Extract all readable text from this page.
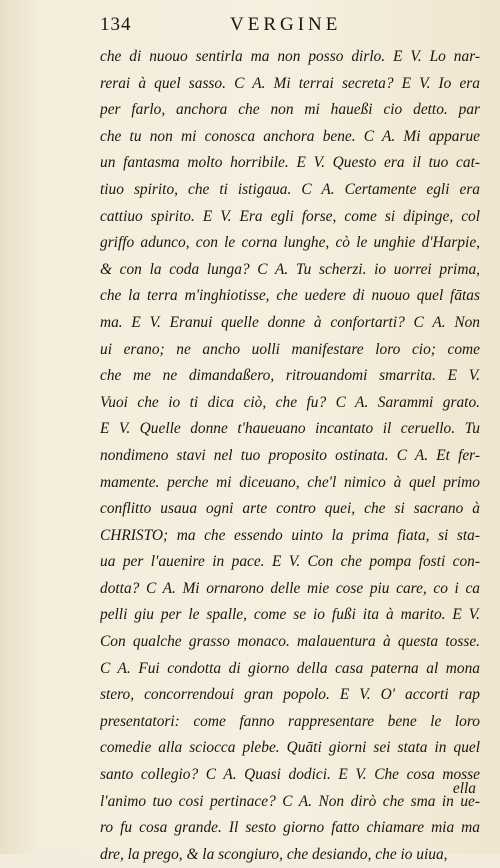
134	VERGINE
che di nuouo sentirla ma non posso dirlo. E V. Lo nar-
rerai à quel sasso. C A. Mi terrai secreta? E V. Io era
per farlo, anchora che non mi haueßi cio detto. par
che tu non mi conosca anchora bene. C A. Mi apparue
un fantasma molto horribile. E V. Questo era il tuo cat-
tiuo spirito, che ti istigaua. C A. Certamente egli era
cattiuo spirito. E V. Era egli forse, come si dipinge, col
griffo adunco, con le corna lunghe, cò le unghie d'Harpie,
& con la coda lunga? C A. Tu scherzi. io uorrei prima,
che la terra m'inghiotisse, che uedere di nuouo quel fātas
ma. E V. Eranui quelle donne à confortarti? C A. Non
ui erano; ne ancho uolli manifestare loro cio; come
che me ne dimandaßero, ritrouandomi smarrita. E V.
Vuoi che io ti dica ciò, che fu? C A. Sarammi grato.
E V. Quelle donne t'haueuano incantato il ceruello. Tu
nondimeno stavi nel tuo proposito ostinata. C A. Et fer-
mamente. perche mi diceuano, che'l nimico à quel primo
conflitto usaua ogni arte contro quei, che si sacrano à
CHRISTO; ma che essendo uinto la prima fiata, si sta-
ua per l'auenire in pace. E V. Con che pompa fosti con-
dotta? C A. Mi ornarono delle mie cose piu care, co i ca
pelli giu per le spalle, come se io fußi ita à marito. E V.
Con qualche grasso monaco. malauentura à questa tosse.
C A. Fui condotta di giorno della casa paterna al mona
stero, concorrendoui gran popolo. E V. O' accorti rap
presentatori: come fanno rappresentare bene le loro
comedie alla sciocca plebe. Quāti giorni sei stata in quel
santo collegio? C A. Quasi dodici. E V. Che cosa mosse
l'animo tuo cosi pertinace? C A. Non dirò che sma in ue-
ro fu cosa grande. Il sesto giorno fatto chiamare mia ma
dre, la prego, & la scongiuro, che desiando, che io uiua,
ella
